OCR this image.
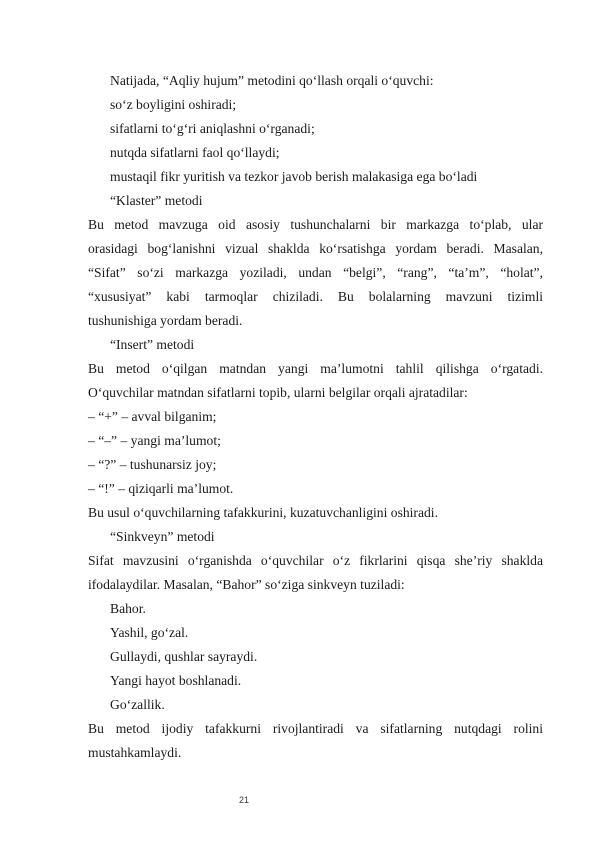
Natijada, “Aqliy hujum” metodini qo‘llash orqali o‘quvchi:
so‘z boyligini oshiradi;
sifatlarni to‘g‘ri aniqlashni o‘rganadi;
nutqda sifatlarni faol qo‘llaydi;
mustaqil fikr yuritish va tezkor javob berish malakasiga ega bo‘ladi
“Klaster” metodi
Bu metod mavzuga oid asosiy tushunchalarni bir markazga to‘plab, ular
orasidagi bog‘lanishni vizual shaklda ko‘rsatishga yordam beradi. Masalan,
“Sifat” so‘zi markazga yoziladi, undan “belgi”, “rang”, “ta’m”, “holat”,
“xususiyat” kabi tarmoqlar chiziladi. Bu bolalarning mavzuni tizimli
tushunishiga yordam beradi.
“Insert” metodi
Bu metod o‘qilgan matndan yangi ma’lumotni tahlil qilishga o‘rgatadi.
O‘quvchilar matndan sifatlarni topib, ularni belgilar orqali ajratadilar:
– “+” – avval bilganim;
– “–” – yangi ma’lumot;
– “?” – tushunarsiz joy;
– “!” – qiziqarli ma’lumot.
Bu usul o‘quvchilarning tafakkurini, kuzatuvchanligini oshiradi.
“Sinkveyn” metodi
Sifat mavzusini o‘rganishda o‘quvchilar o‘z fikrlarini qisqa she’riy shaklda
ifodalaydilar. Masalan, “Bahor” so‘ziga sinkveyn tuziladi:
Bahor.
Yashil, go‘zal.
Gullaydi, qushlar sayraydi.
Yangi hayot boshlanadi.
Go‘zallik.
Bu metod ijodiy tafakkurni rivojlantiradi va sifatlarning nutqdagi rolini
mustahkamlaydi.
21
